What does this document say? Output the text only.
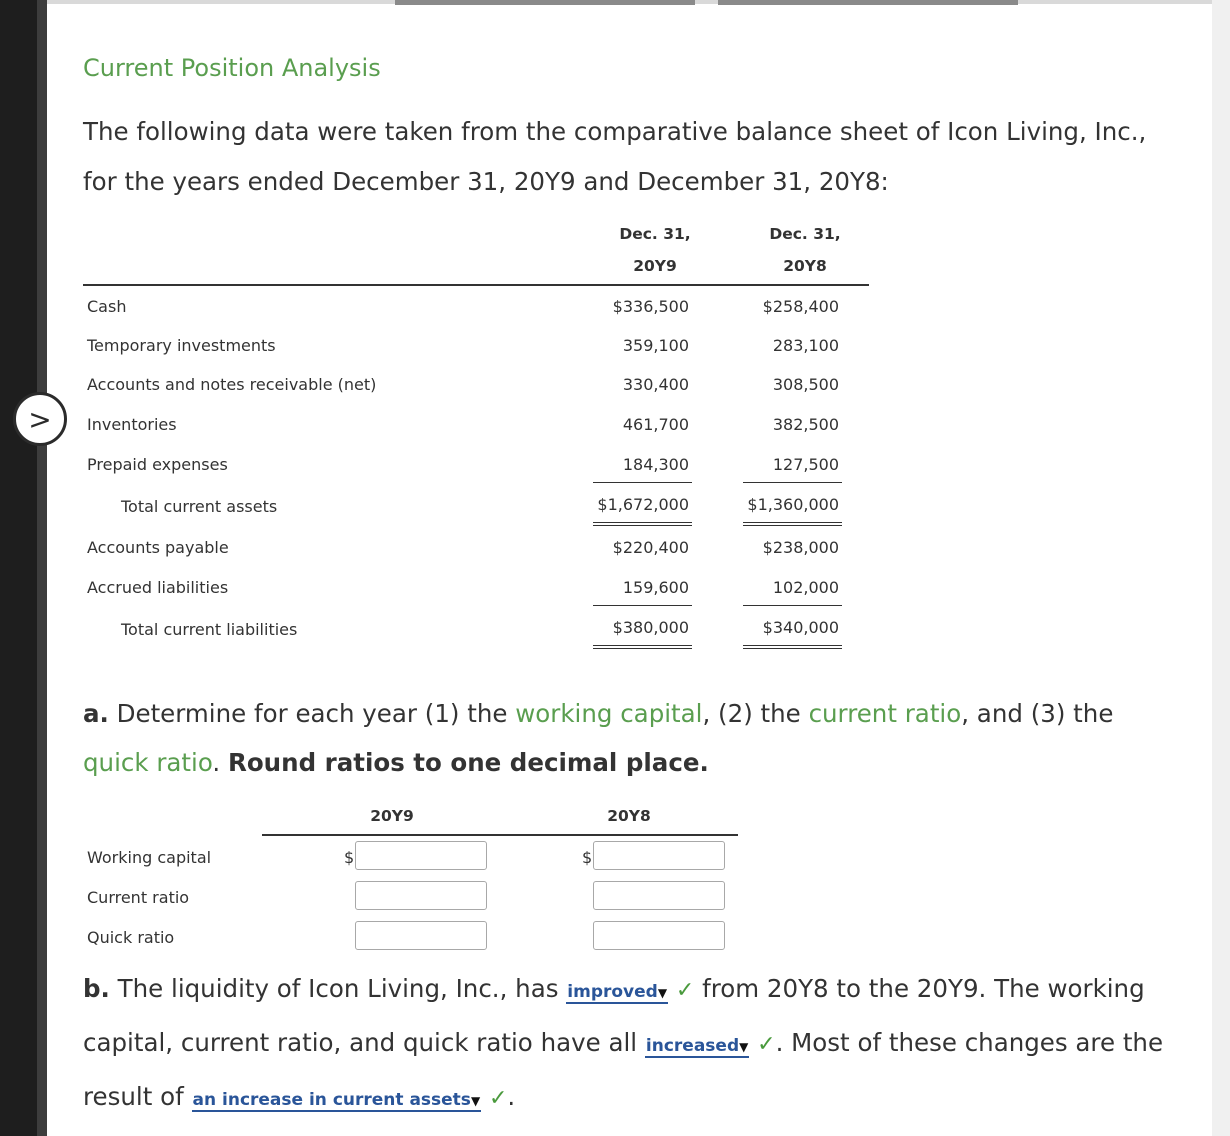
>
Current Position Analysis
The following data were taken from the comparative balance sheet of Icon Living, Inc.,
for the years ended December 31, 20Y9 and December 31, 20Y8:
Dec. 31,
20Y9
Dec. 31,
20Y8
Cash	$336,500	$258,400
Temporary investments	359,100	283,100
Accounts and notes receivable (net)	330,400	308,500
Inventories	461,700	382,500
Prepaid expenses	184,300	127,500
Total current assets	$1,672,000	$1,360,000
Accounts payable	$220,400	$238,000
Accrued liabilities	159,600	102,000
Total current liabilities	$380,000	$340,000
a. Determine for each year (1) the working capital, (2) the current ratio, and (3) the
quick ratio. Round ratios to one decimal place.
20Y9	20Y8
Working capital	$	$
Current ratio
Quick ratio
b. The liquidity of Icon Living, Inc., has improved▼ ✓ from 20Y8 to the 20Y9. The working
capital, current ratio, and quick ratio have all increased▼ ✓. Most of these changes are the
result of an increase in current assets▼ ✓.
